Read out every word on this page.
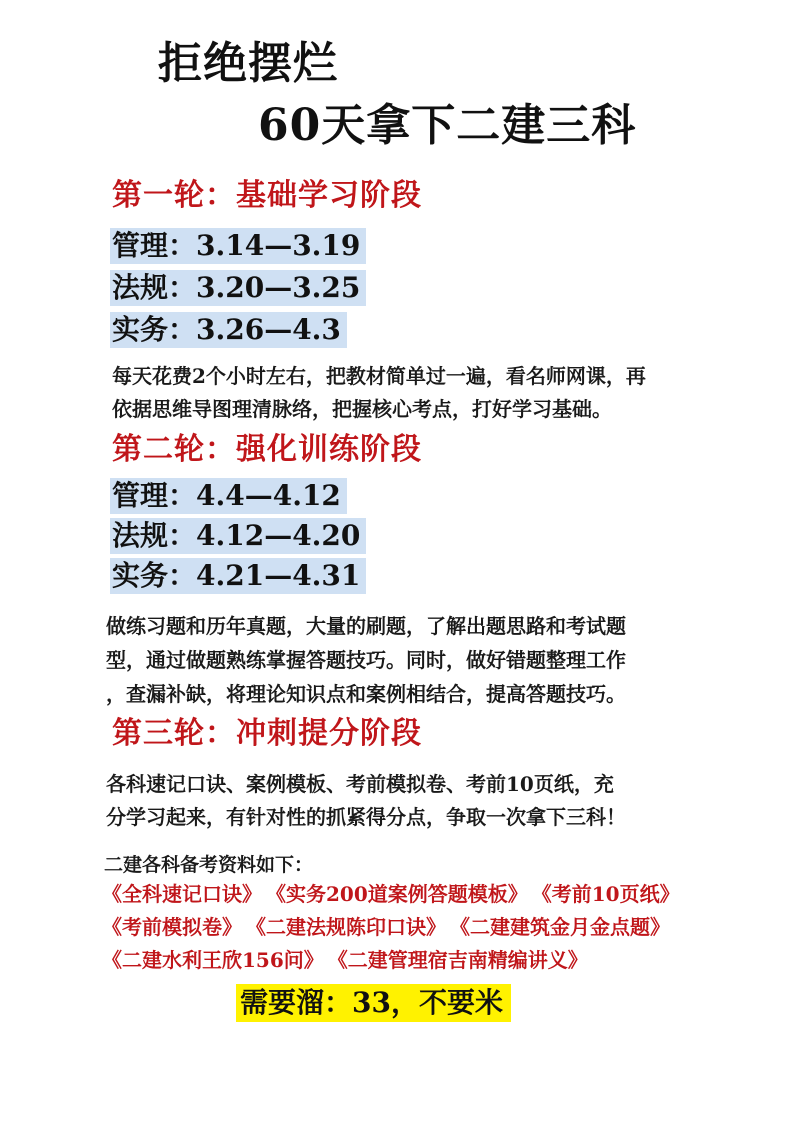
拒绝摆烂
60天拿下二建三科
第一轮：基础学习阶段
管理：3.14—3.19
法规：3.20—3.25
实务：3.26—4.3
每天花费2个小时左右，把教材简单过一遍，看名师网课，再
依据思维导图理清脉络，把握核心考点，打好学习基础。
第二轮：强化训练阶段
管理：4.4—4.12
法规：4.12—4.20
实务：4.21—4.31
做练习题和历年真题，大量的刷题，了解出题思路和考试题
型，通过做题熟练掌握答题技巧。同时，做好错题整理工作
，查漏补缺，将理论知识点和案例相结合，提高答题技巧。
第三轮：冲刺提分阶段
各科速记口诀、案例模板、考前模拟卷、考前10页纸，充
分学习起来，有针对性的抓紧得分点，争取一次拿下三科！
二建各科备考资料如下：
《全科速记口诀》 《实务200道案例答题模板》 《考前10页纸》
《考前模拟卷》 《二建法规陈印口诀》 《二建建筑金月金点题》
《二建水利王欣156问》 《二建管理宿吉南精编讲义》
需要溜：33，不要米
